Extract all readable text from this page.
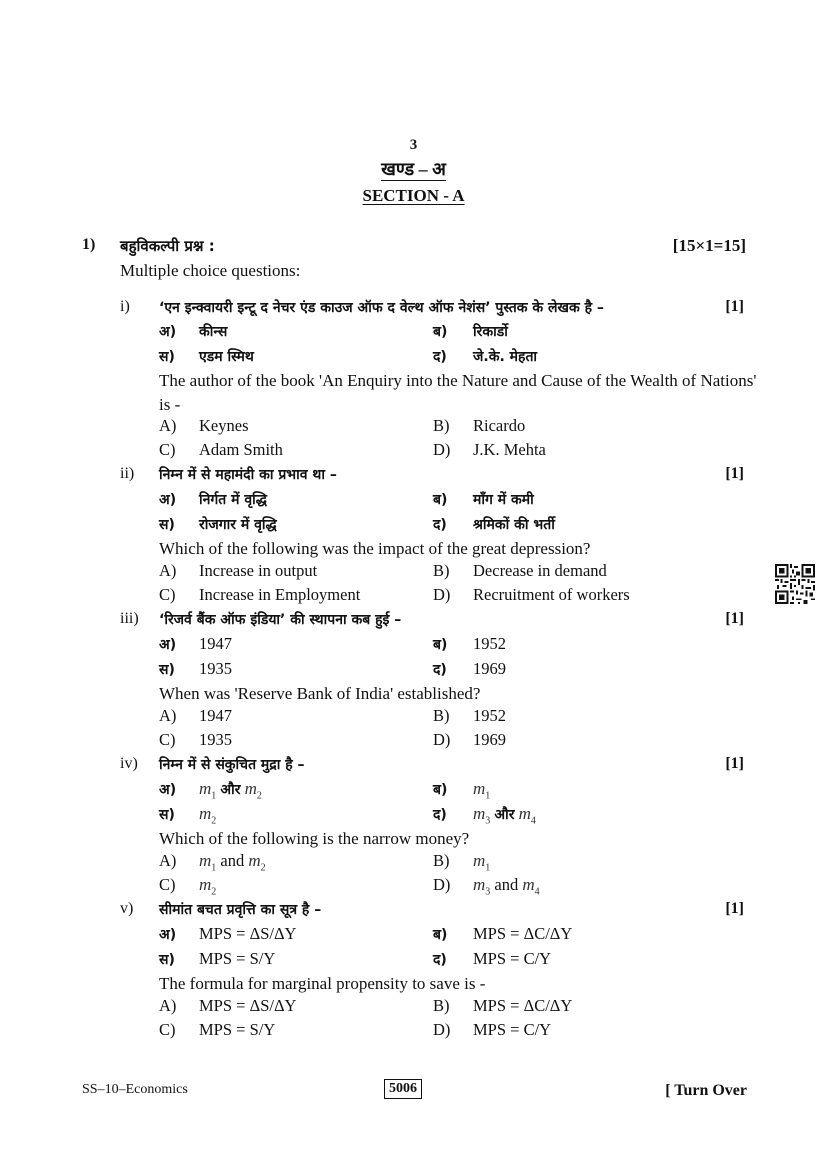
3
खण्ड – अ
SECTION - A
1) बहुविकल्पी प्रश्न :	[15×1=15]
Multiple choice questions:
i) ‘एन इन्क्वायरी इन्टू द नेचर एंड काउज ऑफ द वेल्थ ऑफ नेशंस’ पुस्तक के लेखक है –	[1]
अ) कीन्स	ब) रिकार्डो
स) एडम स्मिथ	द) जे.के. मेहता
The author of the book 'An Enquiry into the Nature and Cause of the Wealth of Nations' is -
A) Keynes	B) Ricardo
C) Adam Smith	D) J.K. Mehta
ii) निम्न में से महामंदी का प्रभाव था –	[1]
अ) निर्गत में वृद्धि	ब) माँग में कमी
स) रोजगार में वृद्धि	द) श्रमिकों की भर्ती
Which of the following was the impact of the great depression?
A) Increase in output	B) Decrease in demand
C) Increase in Employment	D) Recruitment of workers
iii) ‘रिजर्व बैंक ऑफ इंडिया’ की स्थापना कब हुई –	[1]
अ) 1947	ब) 1952
स) 1935	द) 1969
When was 'Reserve Bank of India' established?
A) 1947	B) 1952
C) 1935	D) 1969
iv) निम्न में से संकुचित मुद्रा है –	[1]
अ) $m_1$ और $m_2$	ब) $m_1$
स) $m_2$	द) $m_3$ और $m_4$
Which of the following is the narrow money?
A) $m_1$ and $m_2$	B) $m_1$
C) $m_2$	D) $m_3$ and $m_4$
v) सीमांत बचत प्रवृत्ति का सूत्र है –	[1]
अ) MPS = ΔS/ΔY	ब) MPS = ΔC/ΔY
स) MPS = S/Y	द) MPS = C/Y
The formula for marginal propensity to save is -
A) MPS = ΔS/ΔY	B) MPS = ΔC/ΔY
C) MPS = S/Y	D) MPS = C/Y
SS–10–Economics	5006	[ Turn Over
